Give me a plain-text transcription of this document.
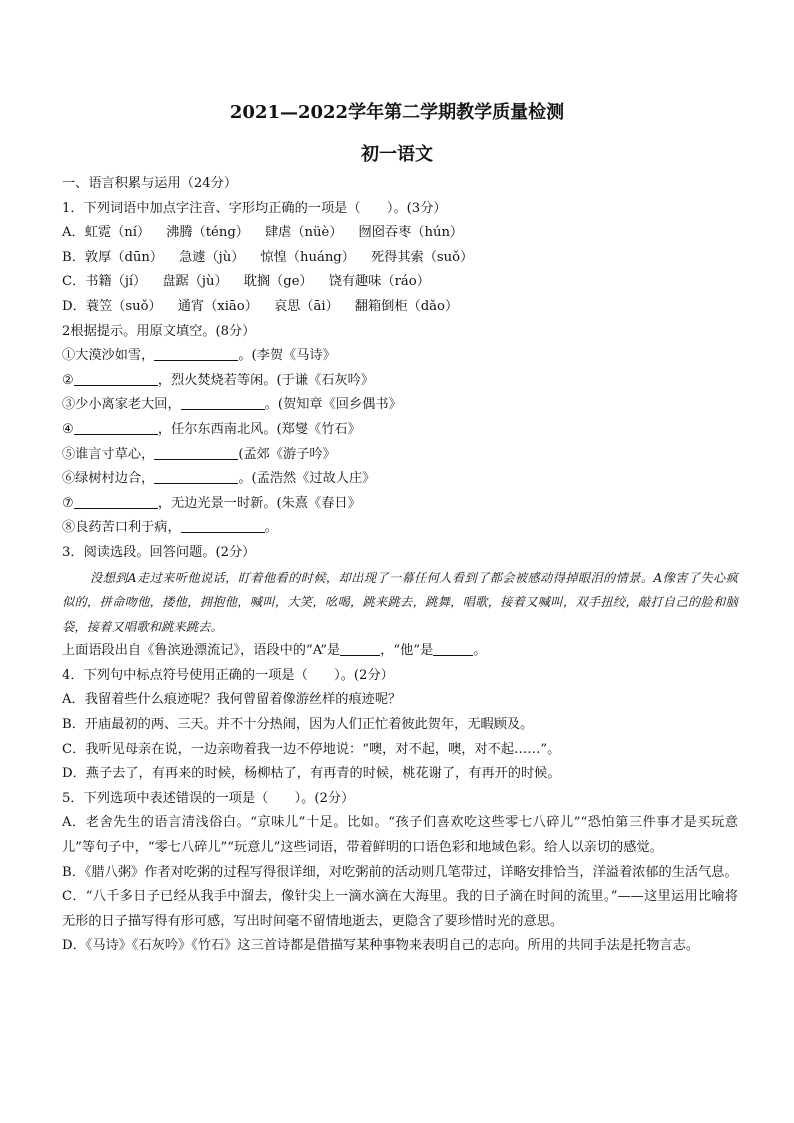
2021—2022学年第二学期教学质量检测
初一语文
一、语言积累与运用（24分）
1．下列词语中加点字注音、字形均正确的一项是（　　）。(3分）
A．虹霓（ní） 沸腾（téng） 肆虐（nüè） 囫囵吞枣（hún）
B．敦厚（dūn） 急遽（jù） 惊惶（huáng） 死得其索（suǒ）
C．书籍（jí） 盘踞（jù） 耽搁（ge） 饶有趣味（ráo）
D．蓑笠（suǒ） 通宵（xiāo） 哀思（āi） 翻箱倒柜（dǎo）
2根据提示。用原文填空。(8分）
①大漠沙如雪，	。(李贺《马诗》
②	，烈火焚烧若等闲。(于谦《石灰吟》
③少小离家老大回，	。(贺知章《回乡偶书》
④	，任尔东西南北风。(郑燮《竹石》
⑤谁言寸草心，	(孟郊《游子吟》
⑥绿树村边合，	。(孟浩然《过故人庄》
⑦	，无边光景一时新。(朱熹《春日》
⑧良药苦口利于病，	。
3．阅读选段。回答问题。(2分）

没想到A走过来听他说话，盯着他看的时候，却出现了一幕任何人看到了都会被感动得掉眼泪的情景。A像害了失心疯似的，拼命吻他，搂他，拥抱他，喊叫，大笑，吆喝，跳来跳去，跳舞，唱歌，接着又喊叫，双手扭绞，敲打自己的脸和脑袋，接着又唱歌和跳来跳去。

上面语段出自《鲁滨逊漂流记》，语段中的“A”是	，“他”是	。
4．下列句中标点符号使用正确的一项是（　　）。(2分）
A．我留着些什么痕迹呢？我何曾留着像游丝样的痕迹呢？
B．开庙最初的两、三天。并不十分热闹，因为人们正忙着彼此贺年，无暇顾及。
C．我听见母亲在说，一边亲吻着我一边不停地说：“噢，对不起，噢，对不起……”。
D．燕子去了，有再来的时候，杨柳枯了，有再青的时候，桃花谢了，有再开的时候。
5．下列选项中表述错误的一项是（　　）。(2分）

A．老舍先生的语言清浅俗白。“京味儿”十足。比如。“孩子们喜欢吃这些零七八碎儿”“恐怕第三件事才是买玩意儿”等句子中，“零七八碎儿”“玩意儿”这些词语，带着鲜明的口语色彩和地域色彩。给人以亲切的感觉。

B．《腊八粥》作者对吃粥的过程写得很详细，对吃粥前的活动则几笔带过，详略安排恰当，洋溢着浓郁的生活气息。

C．“八千多日子已经从我手中溜去，像针尖上一滴水滴在大海里。我的日子滴在时间的流里。”——这里运用比喻将无形的日子描写得有形可感，写出时间毫不留情地逝去，更隐含了要珍惜时光的意思。

D．《马诗》《石灰吟》《竹石》这三首诗都是借描写某种事物来表明自己的志向。所用的共同手法是托物言志。
